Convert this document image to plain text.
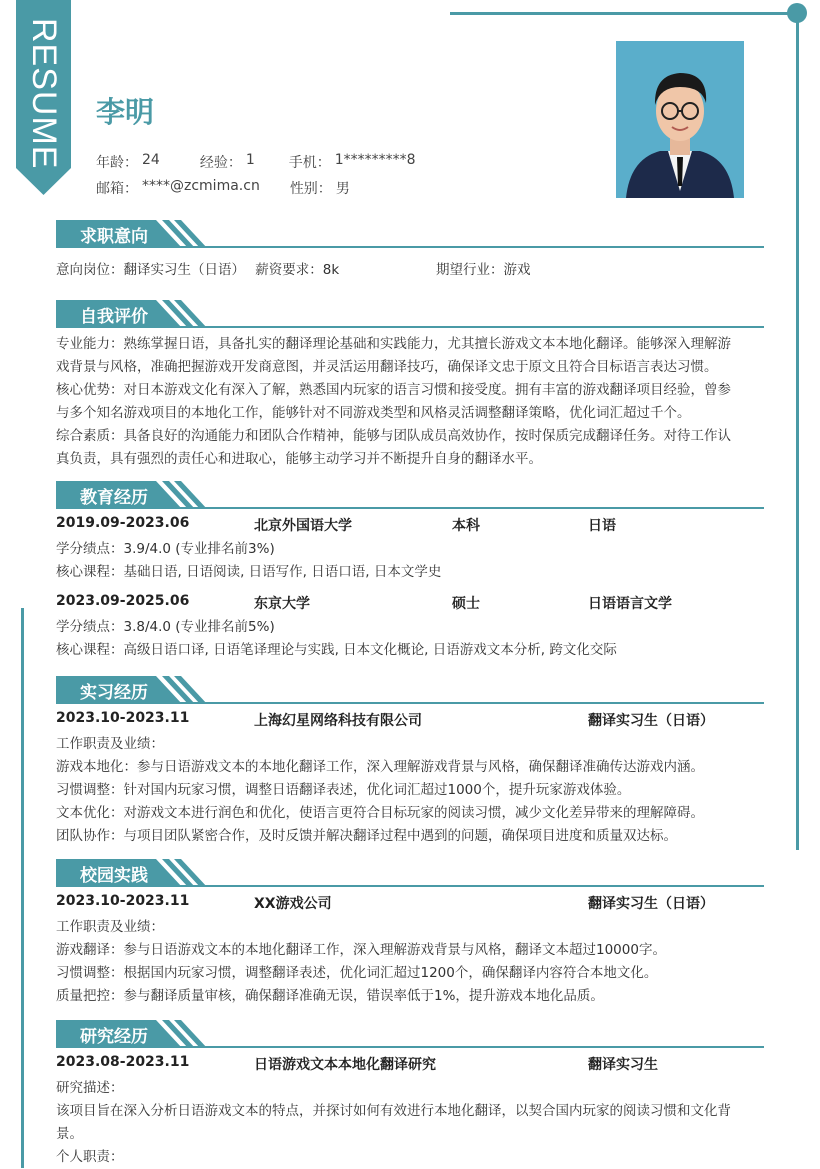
RESUME 李明
年龄： 24	经验： 1 手机： 1*********8
邮箱： ****@zcmima.cn 性别： 男
求职意向
意向岗位：翻译实习生（日语） 薪资要求：8k	期望行业：游戏
自我评价
专业能力：熟练掌握日语，具备扎实的翻译理论基础和实践能力，尤其擅长游戏文本本地化翻译。能够深入理解游
戏背景与风格，准确把握游戏开发商意图，并灵活运用翻译技巧，确保译文忠于原文且符合目标语言表达习惯。
核心优势：对日本游戏文化有深入了解，熟悉国内玩家的语言习惯和接受度。拥有丰富的游戏翻译项目经验，曾参
与多个知名游戏项目的本地化工作，能够针对不同游戏类型和风格灵活调整翻译策略，优化词汇超过千个。
综合素质：具备良好的沟通能力和团队合作精神，能够与团队成员高效协作，按时保质完成翻译任务。对待工作认
真负责，具有强烈的责任心和进取心，能够主动学习并不断提升自身的翻译水平。
教育经历
2019.09-2023.06	北京外国语大学	本科	日语
学分绩点：3.9/4.0 (专业排名前3%)
核心课程：基础日语, 日语阅读, 日语写作, 日语口语, 日本文学史
2023.09-2025.06	东京大学	硕士	日语语言文学
学分绩点：3.8/4.0 (专业排名前5%)
核心课程：高级日语口译, 日语笔译理论与实践, 日本文化概论, 日语游戏文本分析, 跨文化交际
实习经历
2023.10-2023.11	上海幻星网络科技有限公司	翻译实习生（日语）
工作职责及业绩：
游戏本地化：参与日语游戏文本的本地化翻译工作，深入理解游戏背景与风格，确保翻译准确传达游戏内涵。
习惯调整：针对国内玩家习惯，调整日语翻译表述，优化词汇超过1000个，提升玩家游戏体验。
文本优化：对游戏文本进行润色和优化，使语言更符合目标玩家的阅读习惯，减少文化差异带来的理解障碍。
团队协作：与项目团队紧密合作，及时反馈并解决翻译过程中遇到的问题，确保项目进度和质量双达标。
校园实践
2023.10-2023.11	XX游戏公司	翻译实习生（日语）
工作职责及业绩：
游戏翻译：参与日语游戏文本的本地化翻译工作，深入理解游戏背景与风格，翻译文本超过10000字。
习惯调整：根据国内玩家习惯，调整翻译表述，优化词汇超过1200个，确保翻译内容符合本地文化。
质量把控：参与翻译质量审核，确保翻译准确无误，错误率低于1%，提升游戏本地化品质。
研究经历
2023.08-2023.11	日语游戏文本本地化翻译研究	翻译实习生
研究描述：
该项目旨在深入分析日语游戏文本的特点，并探讨如何有效进行本地化翻译，以契合国内玩家的阅读习惯和文化背
景。
个人职责：
